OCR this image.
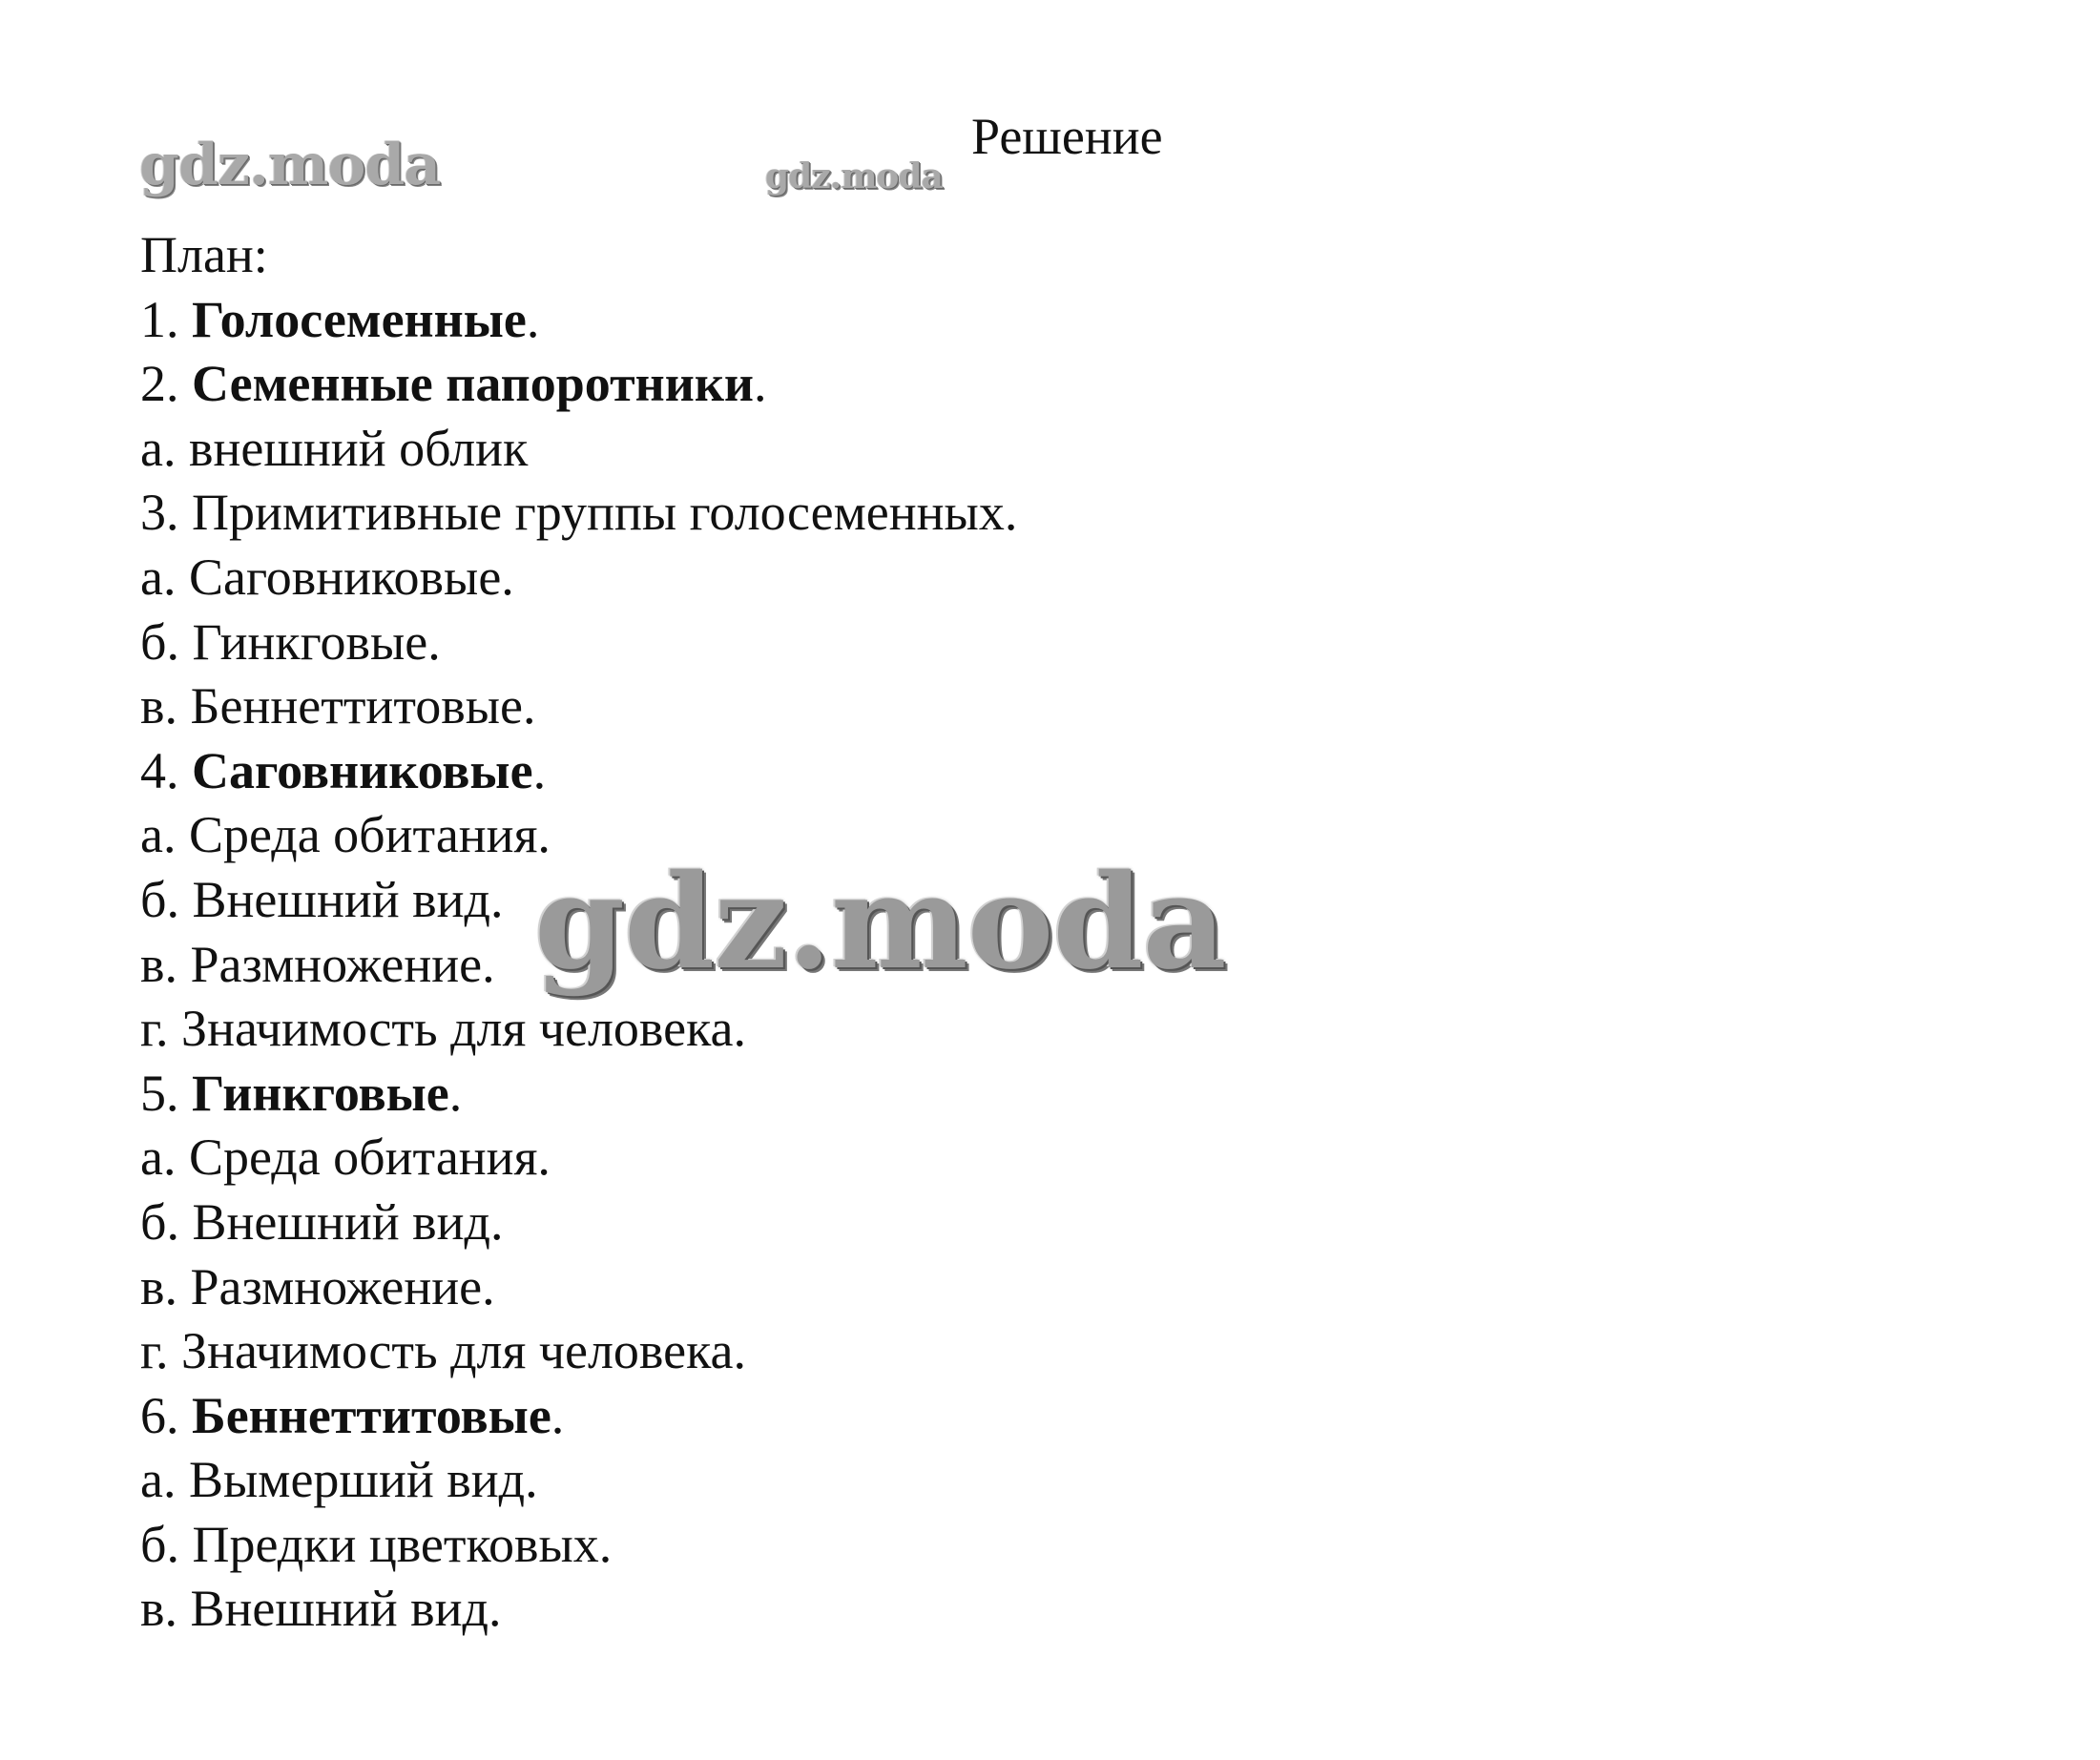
gdz.moda	gdz.moda
Решение
План:
1. Голосеменные.
2. Семенные папоротники.
а. внешний облик
3. Примитивные группы голосеменных.
а. Саговниковые.
б. Гинкговые.
в. Беннеттитовые.
4. Саговниковые.
а. Среда обитания.
б. Внешний вид.
в. Размножение.
г. Значимость для человека.
5. Гинкговые.
а. Среда обитания.
б. Внешний вид.
в. Размножение.
г. Значимость для человека.
6. Беннеттитовые.
а. Вымерший вид.
б. Предки цветковых.
в. Внешний вид.
gdz.moda
